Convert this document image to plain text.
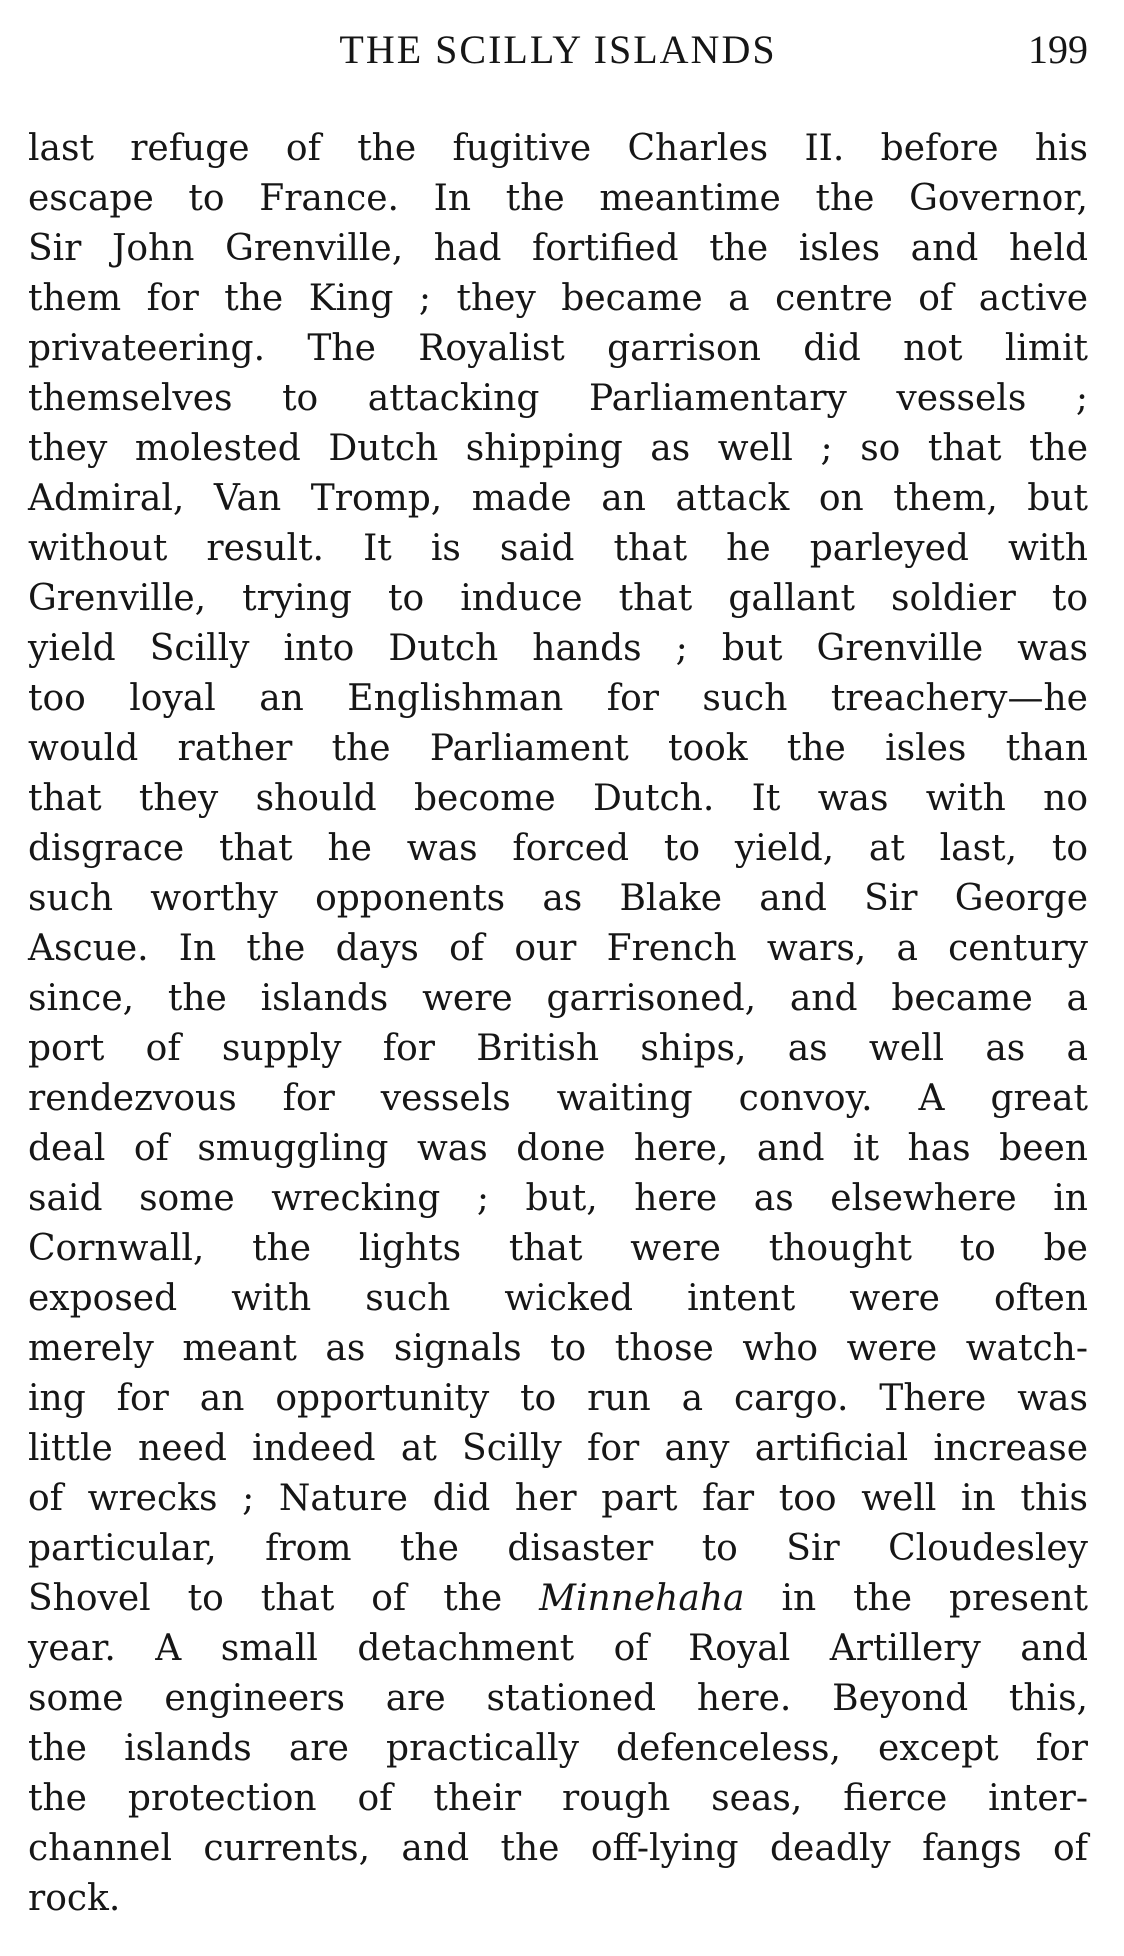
THE SCILLY ISLANDS	199
last refuge of the fugitive Charles II. before his
escape to France. In the meantime the Governor,
Sir John Grenville, had fortified the isles and held
them for the King ; they became a centre of active
privateering. The Royalist garrison did not limit
themselves to attacking Parliamentary vessels ;
they molested Dutch shipping as well ; so that the
Admiral, Van Tromp, made an attack on them, but
without result. It is said that he parleyed with
Grenville, trying to induce that gallant soldier to
yield Scilly into Dutch hands ; but Grenville was
too loyal an Englishman for such treachery—he
would rather the Parliament took the isles than
that they should become Dutch. It was with no
disgrace that he was forced to yield, at last, to
such worthy opponents as Blake and Sir George
Ascue. In the days of our French wars, a century
since, the islands were garrisoned, and became a
port of supply for British ships, as well as a
rendezvous for vessels waiting convoy. A great
deal of smuggling was done here, and it has been
said some wrecking ; but, here as elsewhere in
Cornwall, the lights that were thought to be
exposed with such wicked intent were often
merely meant as signals to those who were watch-
ing for an opportunity to run a cargo. There was
little need indeed at Scilly for any artificial increase
of wrecks ; Nature did her part far too well in this
particular, from the disaster to Sir Cloudesley
Shovel to that of the Minnehaha in the present
year. A small detachment of Royal Artillery and
some engineers are stationed here. Beyond this,
the islands are practically defenceless, except for
the protection of their rough seas, fierce inter-
channel currents, and the off-lying deadly fangs of
rock.
